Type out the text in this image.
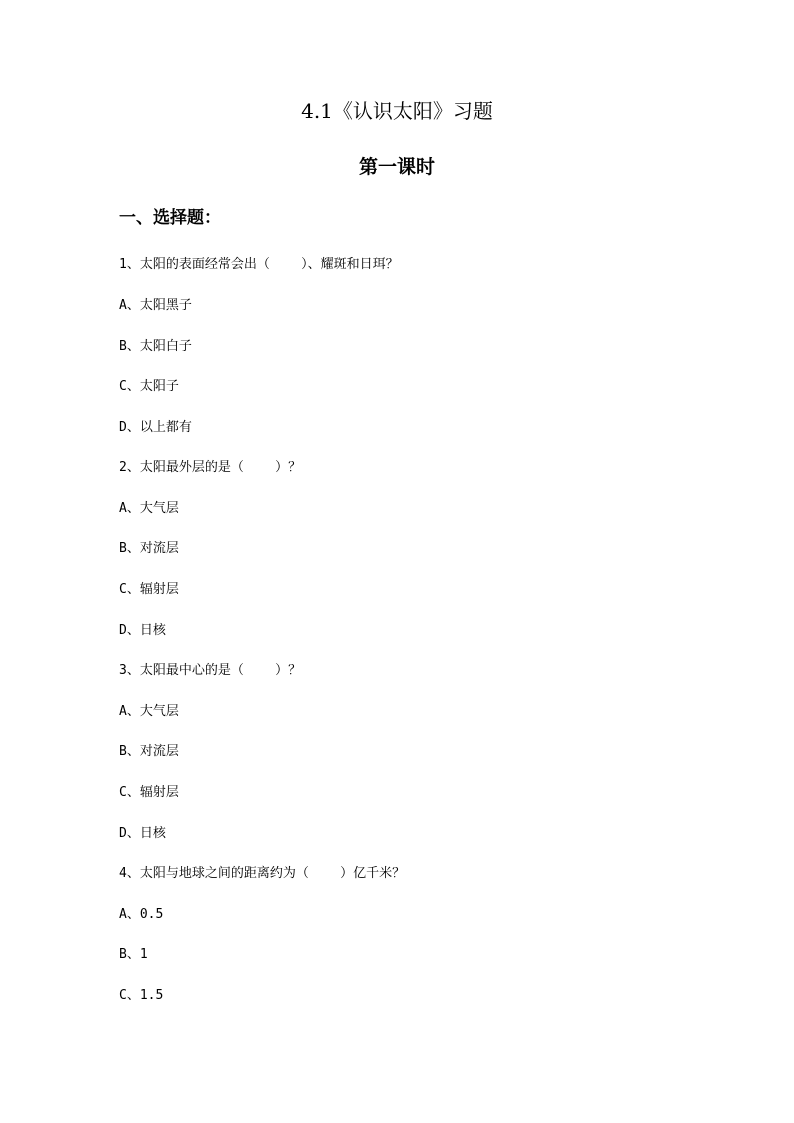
4.1《认识太阳》习题
第一课时
一、选择题：
1、太阳的表面经常会出（    ）、耀斑和日珥？
A、太阳黑子
B、太阳白子
C、太阳子
D、以上都有
2、太阳最外层的是（    ）？
A、大气层
B、对流层
C、辐射层
D、日核
3、太阳最中心的是（    ）？
A、大气层
B、对流层
C、辐射层
D、日核
4、太阳与地球之间的距离约为（    ）亿千米？
A、0.5
B、1
C、1.5
